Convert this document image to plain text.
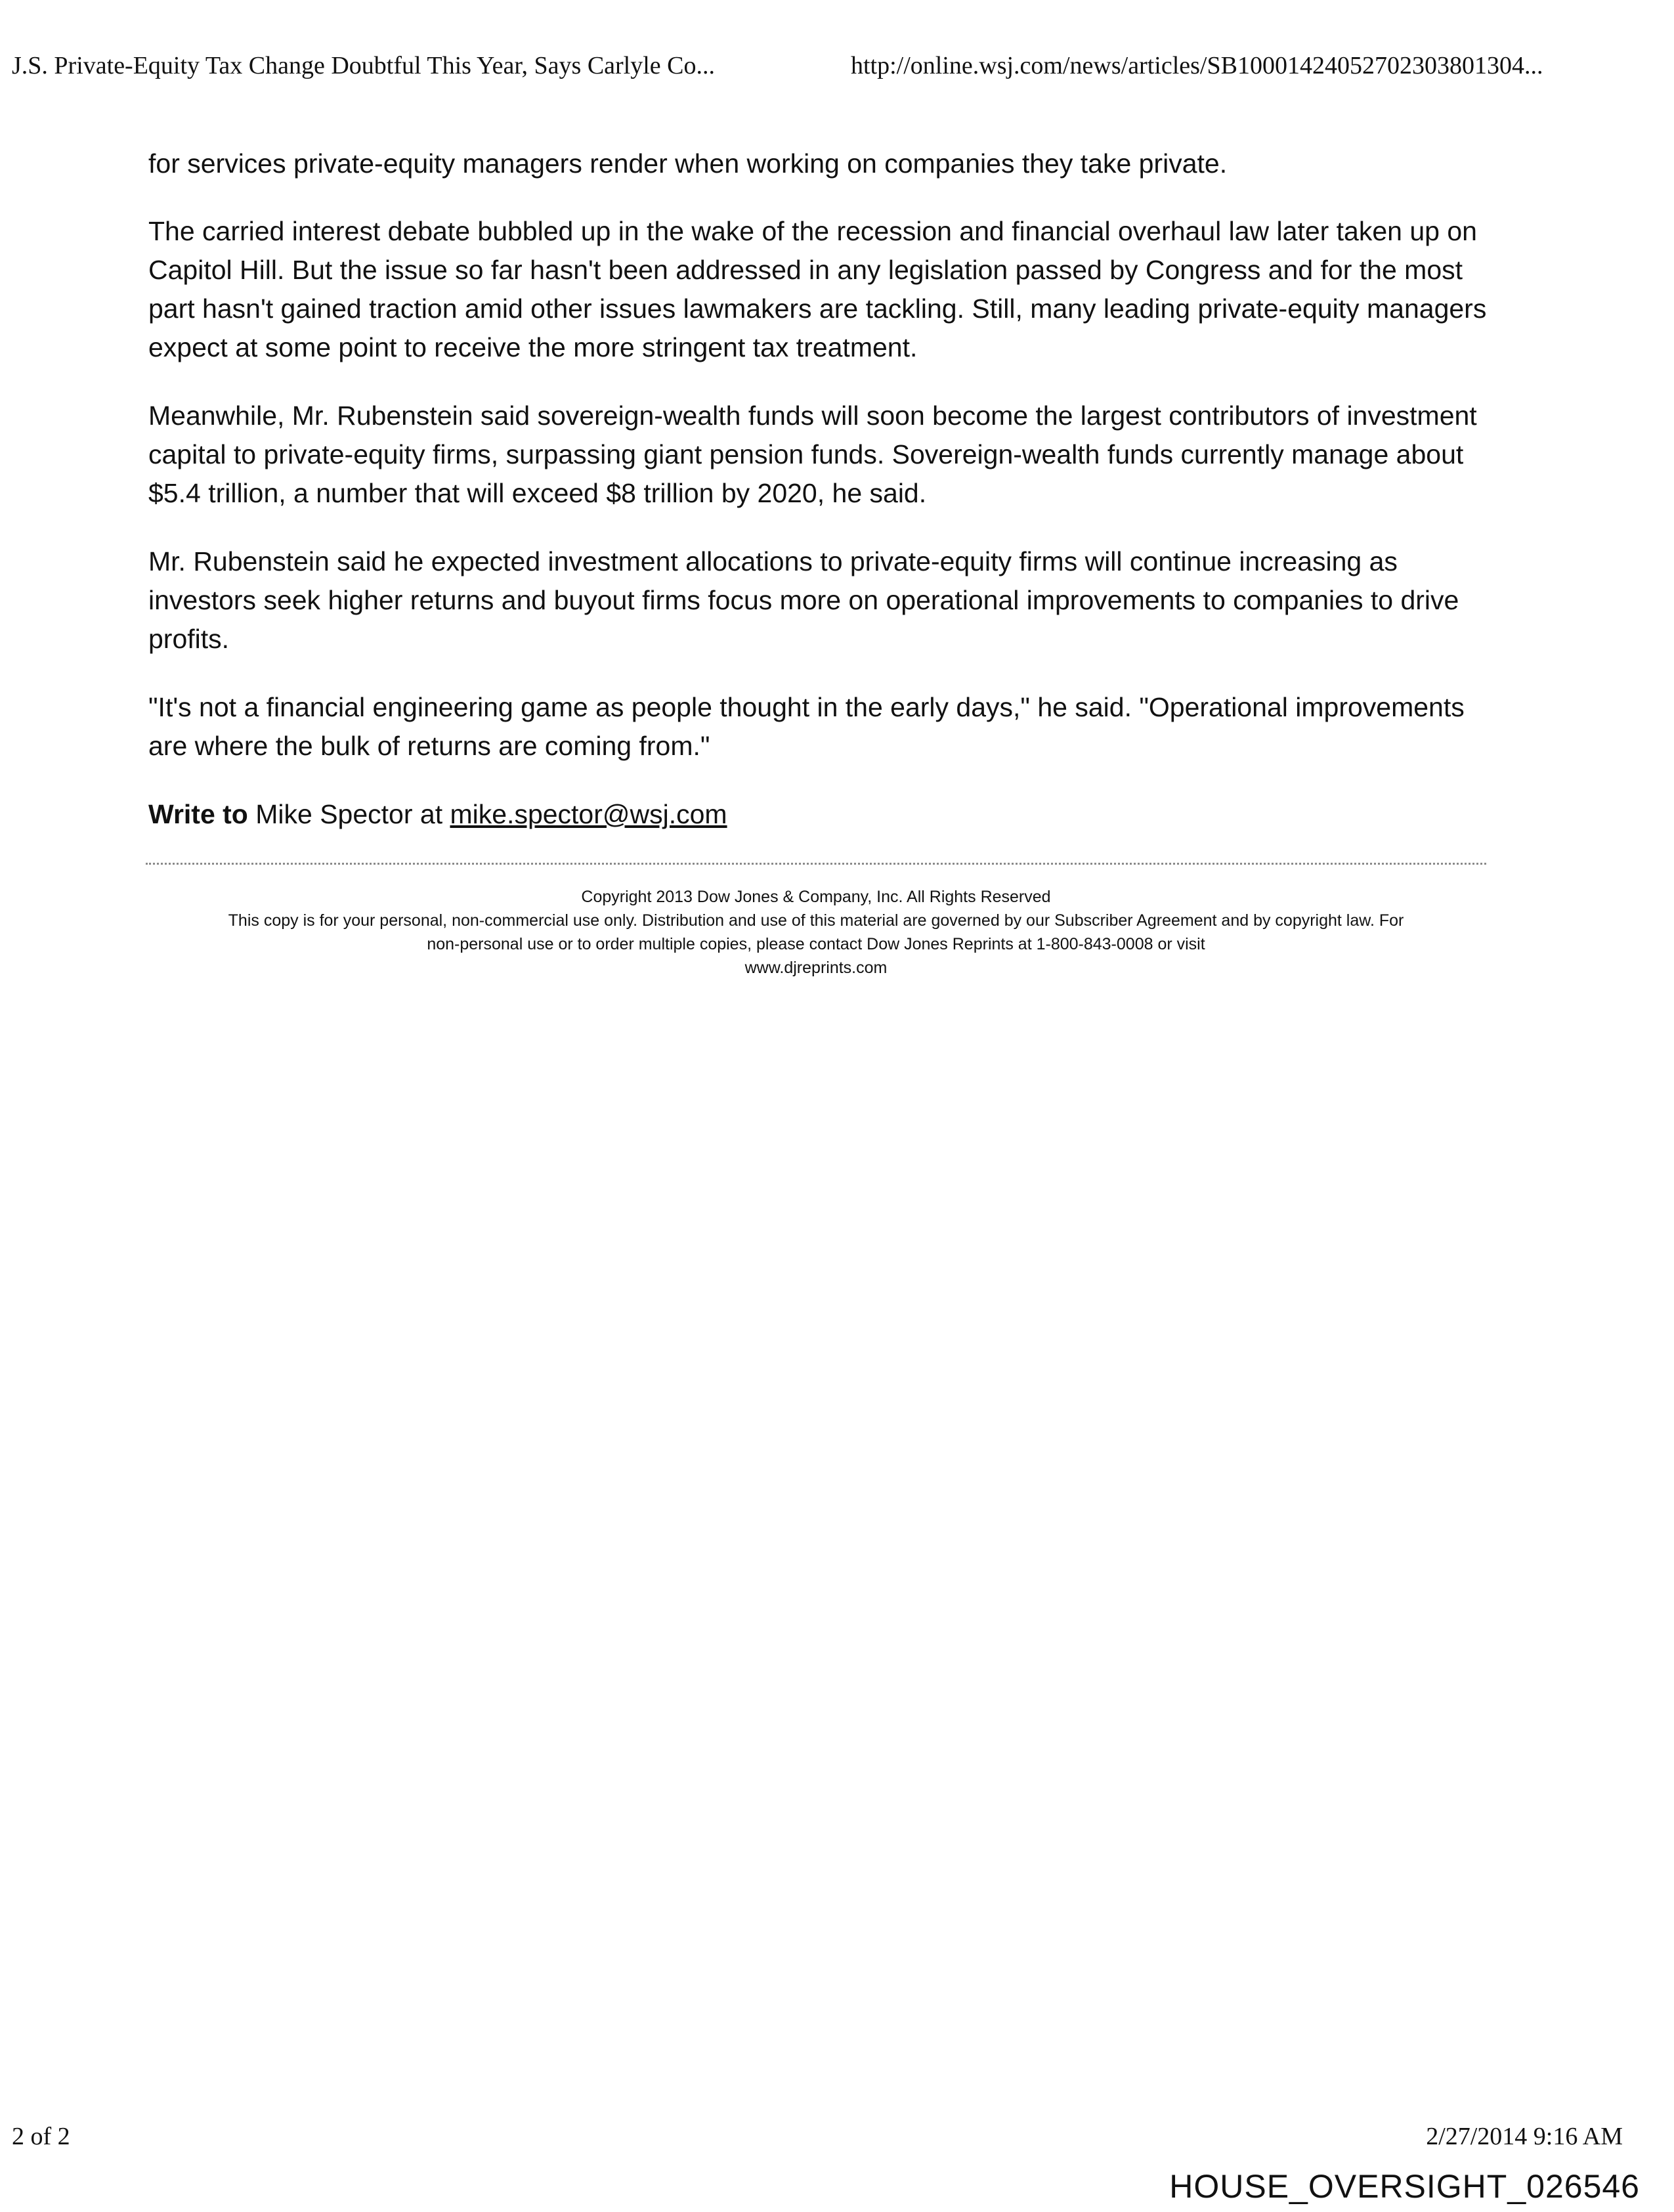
J.S. Private-Equity Tax Change Doubtful This Year, Says Carlyle Co...	http://online.wsj.com/news/articles/SB10001424052702303801304...

for services private-equity managers render when working on companies they take private.

The carried interest debate bubbled up in the wake of the recession and financial overhaul law later taken up on Capitol Hill. But the issue so far hasn't been addressed in any legislation passed by Congress and for the most part hasn't gained traction amid other issues lawmakers are tackling. Still, many leading private-equity managers expect at some point to receive the more stringent tax treatment.

Meanwhile, Mr. Rubenstein said sovereign-wealth funds will soon become the largest contributors of investment capital to private-equity firms, surpassing giant pension funds. Sovereign-wealth funds currently manage about $5.4 trillion, a number that will exceed $8 trillion by 2020, he said.

Mr. Rubenstein said he expected investment allocations to private-equity firms will continue increasing as investors seek higher returns and buyout firms focus more on operational improvements to companies to drive profits.

"It's not a financial engineering game as people thought in the early days," he said. "Operational improvements are where the bulk of returns are coming from."

Write to Mike Spector at mike.spector@wsj.com

Copyright 2013 Dow Jones & Company, Inc. All Rights Reserved
This copy is for your personal, non-commercial use only. Distribution and use of this material are governed by our Subscriber Agreement and by copyright law. For
non-personal use or to order multiple copies, please contact Dow Jones Reprints at 1-800-843-0008 or visit
www.djreprints.com
2 of 2	2/27/2014 9:16 AM
HOUSE_OVERSIGHT_026546
